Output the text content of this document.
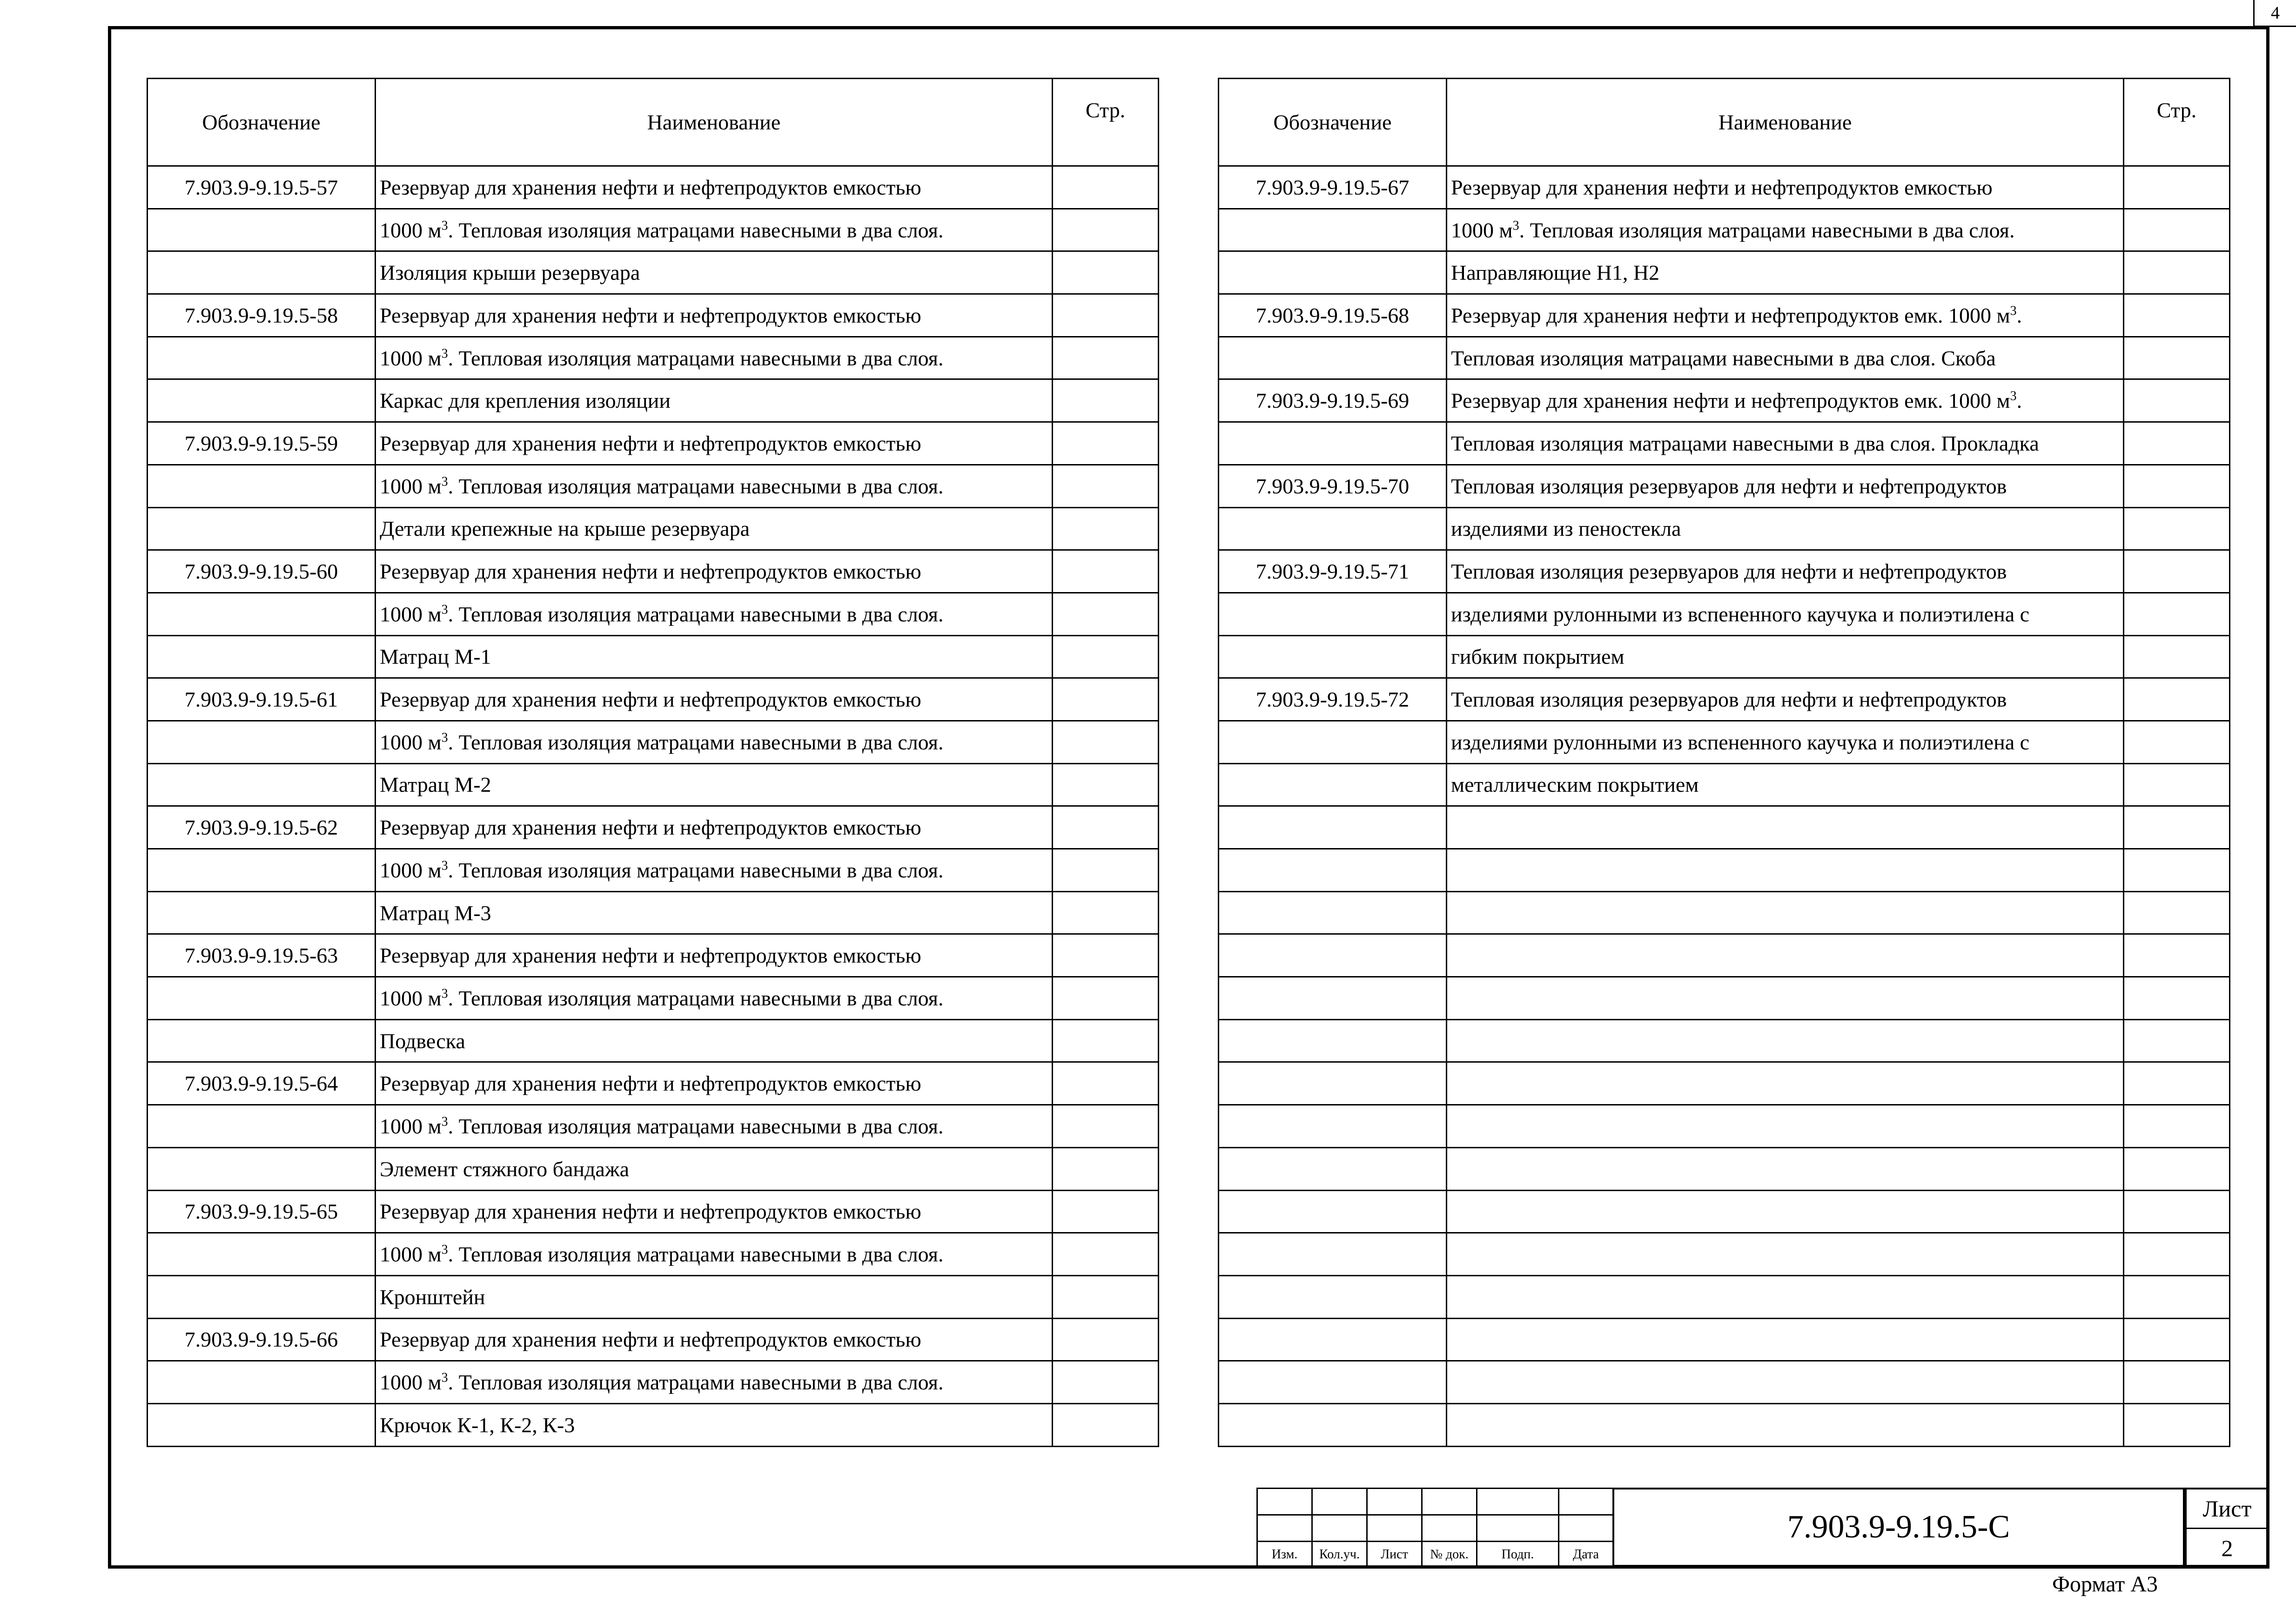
4
Обозначение	Наименование	Стр.
7.903.9-9.19.5-57	Резервуар для хранения нефти и нефтепродуктов емкостью	
	1000 $м^3$. Тепловая изоляция матрацами навесными в два слоя.	
	Изоляция крыши резервуара	
7.903.9-9.19.5-58	Резервуар для хранения нефти и нефтепродуктов емкостью	
	1000 $м^3$. Тепловая изоляция матрацами навесными в два слоя.	
	Каркас для крепления изоляции	
7.903.9-9.19.5-59	Резервуар для хранения нефти и нефтепродуктов емкостью	
	1000 $м^3$. Тепловая изоляция матрацами навесными в два слоя.	
	Детали крепежные на крыше резервуара	
7.903.9-9.19.5-60	Резервуар для хранения нефти и нефтепродуктов емкостью	
	1000 $м^3$. Тепловая изоляция матрацами навесными в два слоя.	
	Матрац М-1	
7.903.9-9.19.5-61	Резервуар для хранения нефти и нефтепродуктов емкостью	
	1000 $м^3$. Тепловая изоляция матрацами навесными в два слоя.	
	Матрац М-2	
7.903.9-9.19.5-62	Резервуар для хранения нефти и нефтепродуктов емкостью	
	1000 $м^3$. Тепловая изоляция матрацами навесными в два слоя.	
	Матрац М-3	
7.903.9-9.19.5-63	Резервуар для хранения нефти и нефтепродуктов емкостью	
	1000 $м^3$. Тепловая изоляция матрацами навесными в два слоя.	
	Подвеска	
7.903.9-9.19.5-64	Резервуар для хранения нефти и нефтепродуктов емкостью	
	1000 $м^3$. Тепловая изоляция матрацами навесными в два слоя.	
	Элемент стяжного бандажа	
7.903.9-9.19.5-65	Резервуар для хранения нефти и нефтепродуктов емкостью	
	1000 $м^3$. Тепловая изоляция матрацами навесными в два слоя.	
	Кронштейн	
7.903.9-9.19.5-66	Резервуар для хранения нефти и нефтепродуктов емкостью	
	1000 $м^3$. Тепловая изоляция матрацами навесными в два слоя.	
	Крючок К-1, К-2, К-3	
Обозначение	Наименование	Стр.
7.903.9-9.19.5-67	Резервуар для хранения нефти и нефтепродуктов емкостью	
	1000 $м^3$. Тепловая изоляция матрацами навесными в два слоя.	
	Направляющие Н1, Н2	
7.903.9-9.19.5-68	Резервуар для хранения нефти и нефтепродуктов емк. 1000 $м^3$.	
	Тепловая изоляция матрацами навесными в два слоя. Скоба	
7.903.9-9.19.5-69	Резервуар для хранения нефти и нефтепродуктов емк. 1000 $м^3$.	
	Тепловая изоляция матрацами навесными в два слоя. Прокладка	
7.903.9-9.19.5-70	Тепловая изоляция резервуаров для нефти и нефтепродуктов	
	изделиями из пеностекла	
7.903.9-9.19.5-71	Тепловая изоляция резервуаров для нефти и нефтепродуктов	
	изделиями рулонными из вспененного каучука и полиэтилена с	
	гибким покрытием	
7.903.9-9.19.5-72	Тепловая изоляция резервуаров для нефти и нефтепродуктов	
	изделиями рулонными из вспененного каучука и полиэтилена с	
	металлическим покрытием	

Изм.	Кол.уч.	Лист	№ док.	Подп.	Дата
7.903.9-9.19.5-С
Лист
2
Формат А3
